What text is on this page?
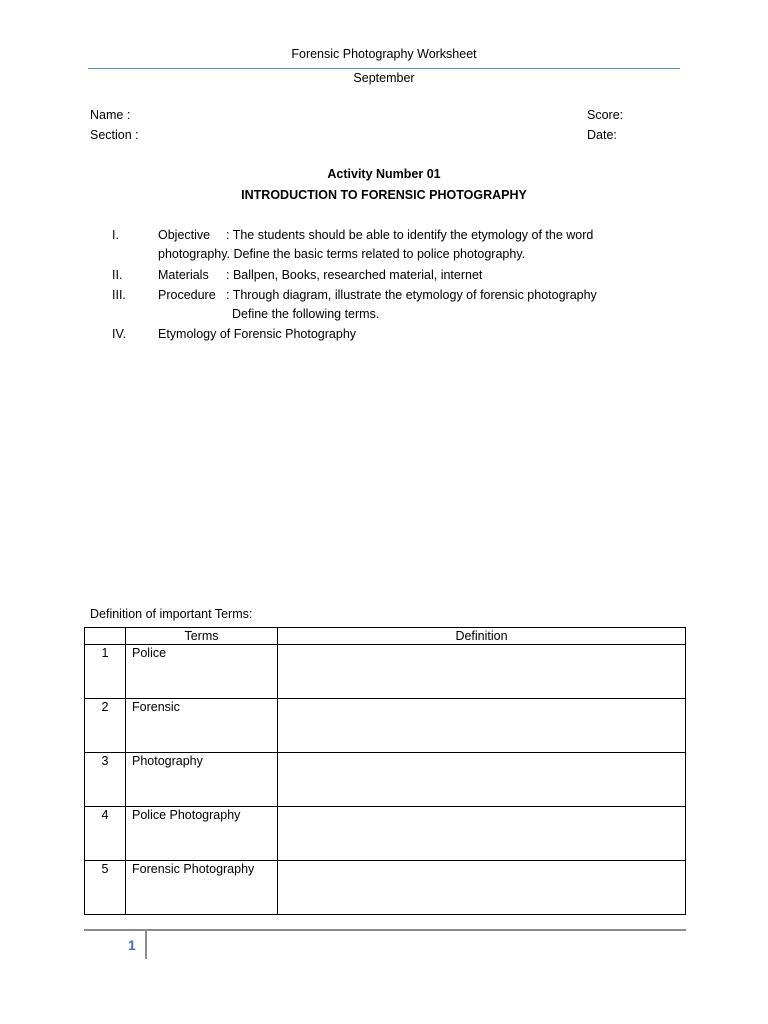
Forensic Photography Worksheet
September
Name :
Section :
Score:
Date:
Activity Number 01
INTRODUCTION TO FORENSIC PHOTOGRAPHY
I.	Objective : The students should be able to identify the etymology of the word
photography. Define the basic terms related to police photography.
II.	Materials : Ballpen, Books, researched material, internet
III.	Procedure : Through diagram, illustrate the etymology of forensic photography
Define the following terms.
IV.	Etymology of Forensic Photography
Definition of important Terms:
	Terms	Definition
1	Police	
2	Forensic	
3	Photography	
4	Police Photography	
5	Forensic Photography	
1
